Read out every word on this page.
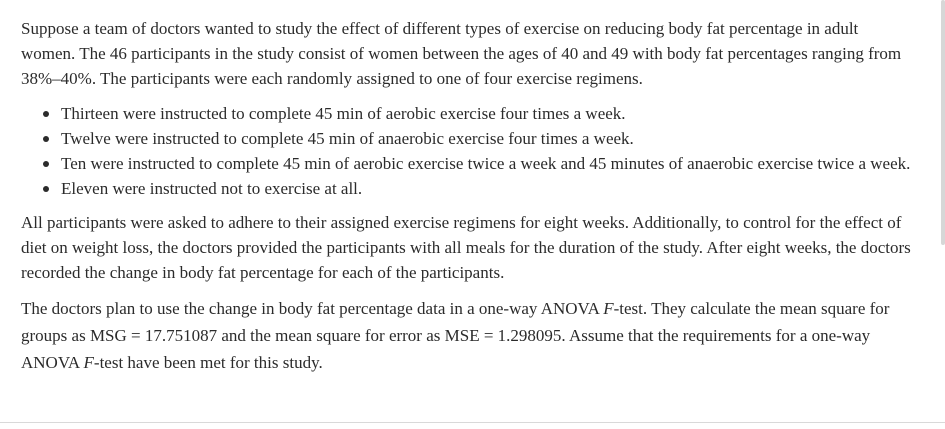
Suppose a team of doctors wanted to study the effect of different types of exercise on reducing body fat percentage in adult women. The 46 participants in the study consist of women between the ages of 40 and 49 with body fat percentages ranging from 38%–40%. The participants were each randomly assigned to one of four exercise regimens.

Thirteen were instructed to complete 45 min of aerobic exercise four times a week.
Twelve were instructed to complete 45 min of anaerobic exercise four times a week.
Ten were instructed to complete 45 min of aerobic exercise twice a week and 45 minutes of anaerobic exercise twice a week.
Eleven were instructed not to exercise at all.

All participants were asked to adhere to their assigned exercise regimens for eight weeks. Additionally, to control for the effect of diet on weight loss, the doctors provided the participants with all meals for the duration of the study. After eight weeks, the doctors recorded the change in body fat percentage for each of the participants.

The doctors plan to use the change in body fat percentage data in a one-way ANOVA F-test. They calculate the mean square for groups as MSG = 17.751087 and the mean square for error as MSE = 1.298095. Assume that the requirements for a one-way ANOVA F-test have been met for this study.
